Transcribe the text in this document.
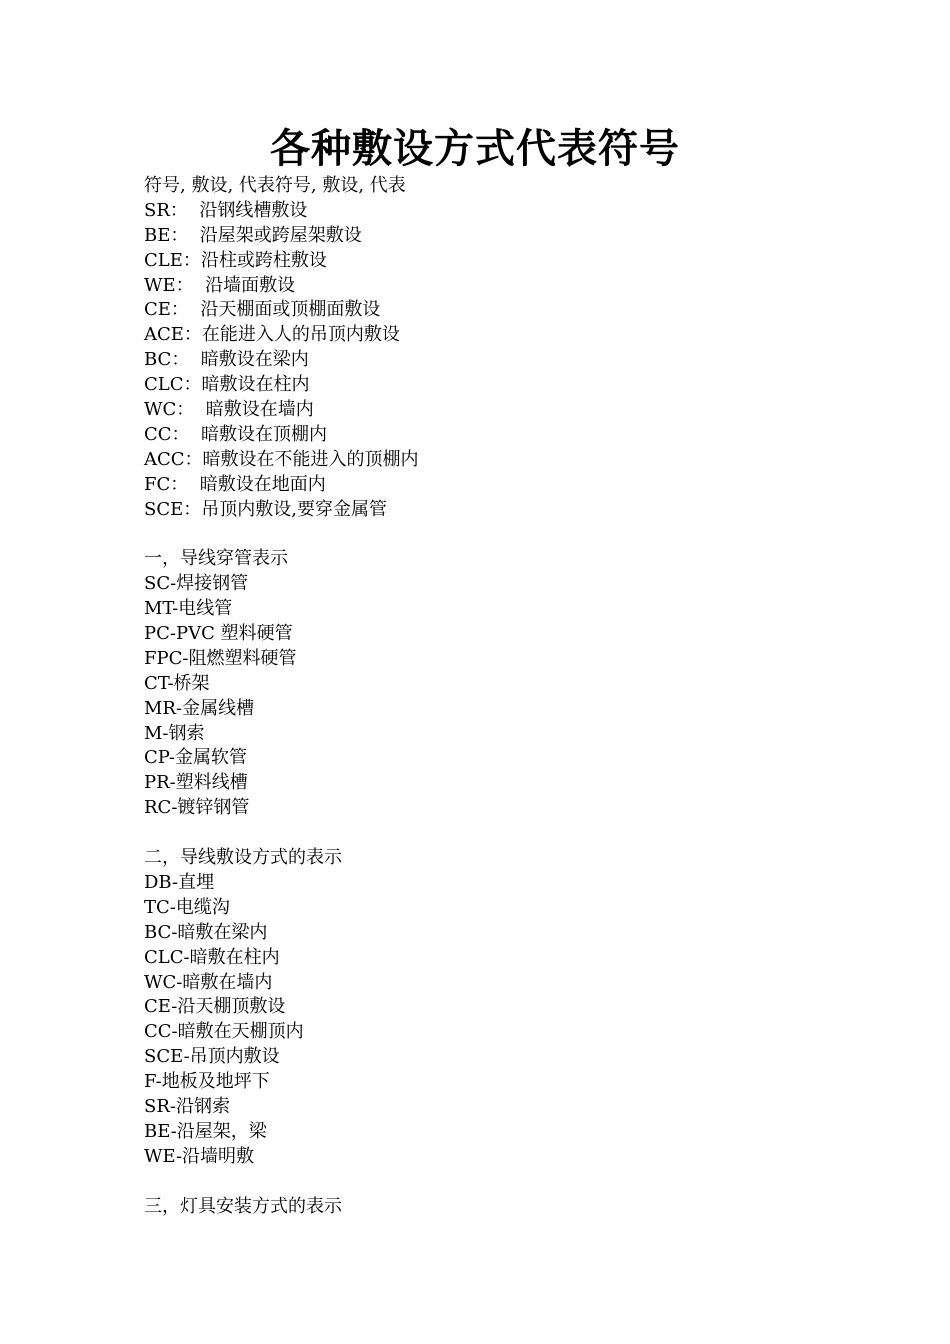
各种敷设方式代表符号
符号, 敷设, 代表符号, 敷设, 代表
SR：  沿钢线槽敷设
BE：  沿屋架或跨屋架敷设
CLE：沿柱或跨柱敷设
WE：  沿墙面敷设
CE：  沿天棚面或顶棚面敷设
ACE：在能进入人的吊顶内敷设
BC：  暗敷设在梁内
CLC：暗敷设在柱内
WC：  暗敷设在墙内
CC：  暗敷设在顶棚内
ACC：暗敷设在不能进入的顶棚内
FC：  暗敷设在地面内
SCE：吊顶内敷设,要穿金属管
一，导线穿管表示
SC-焊接钢管
MT-电线管
PC-PVC 塑料硬管
FPC-阻燃塑料硬管
CT-桥架
MR-金属线槽
M-钢索
CP-金属软管
PR-塑料线槽
RC-镀锌钢管
二，导线敷设方式的表示
DB-直埋
TC-电缆沟
BC-暗敷在梁内
CLC-暗敷在柱内
WC-暗敷在墙内
CE-沿天棚顶敷设
CC-暗敷在天棚顶内
SCE-吊顶内敷设
F-地板及地坪下
SR-沿钢索
BE-沿屋架，梁
WE-沿墙明敷
三，灯具安装方式的表示
